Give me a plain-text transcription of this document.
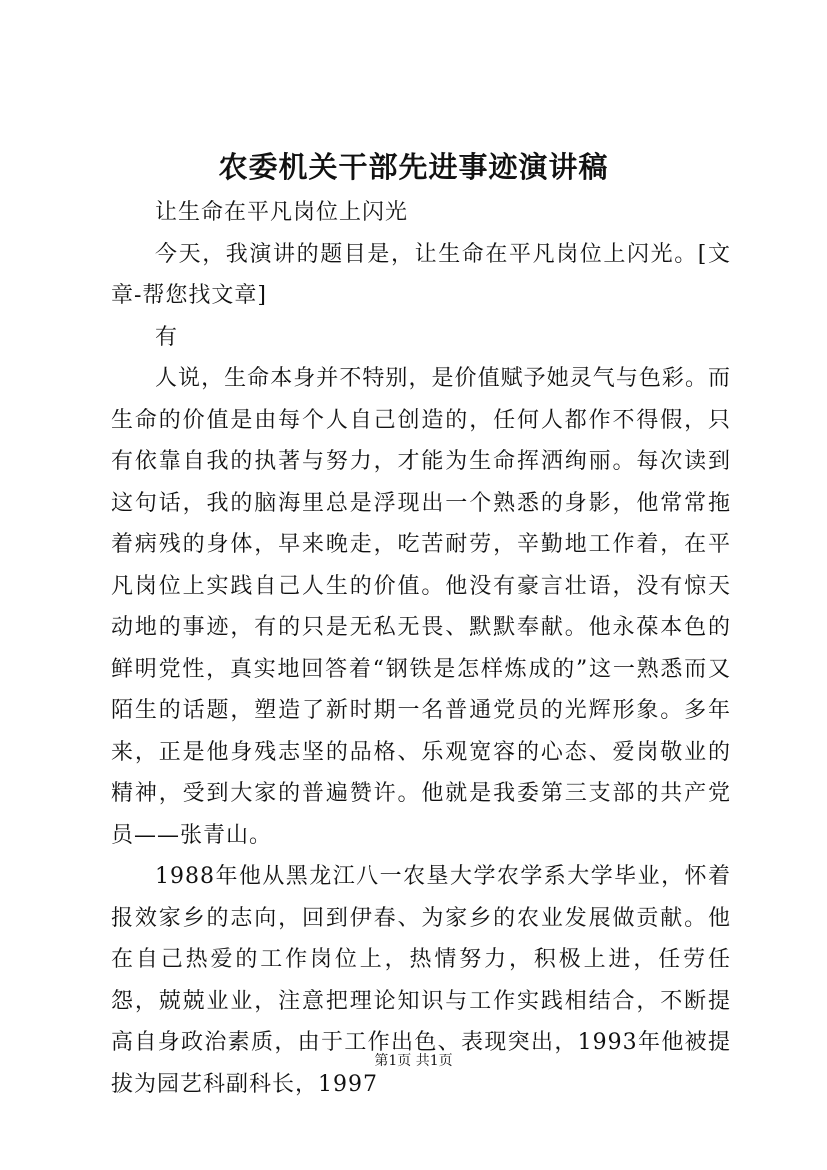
农委机关干部先进事迹演讲稿

让生命在平凡岗位上闪光

今天，我演讲的题目是，让生命在平凡岗位上闪光。[文章-帮您找文章]

有

人说，生命本身并不特别，是价值赋予她灵气与色彩。而生命的价值是由每个人自己创造的，任何人都作不得假，只有依靠自我的执著与努力，才能为生命挥洒绚丽。每次读到这句话，我的脑海里总是浮现出一个熟悉的身影，他常常拖着病残的身体，早来晚走，吃苦耐劳，辛勤地工作着，在平凡岗位上实践自己人生的价值。他没有豪言壮语，没有惊天动地的事迹，有的只是无私无畏、默默奉献。他永葆本色的鲜明党性，真实地回答着“钢铁是怎样炼成的”这一熟悉而又陌生的话题，塑造了新时期一名普通党员的光辉形象。多年来，正是他身残志坚的品格、乐观宽容的心态、爱岗敬业的精神，受到大家的普遍赞许。他就是我委第三支部的共产党员——张青山。

1988年他从黑龙江八一农垦大学农学系大学毕业，怀着报效家乡的志向，回到伊春、为家乡的农业发展做贡献。他在自己热爱的工作岗位上，热情努力，积极上进，任劳任怨，兢兢业业，注意把理论知识与工作实践相结合，不断提高自身政治素质，由于工作出色、表现突出，1993年他被提拔为园艺科副科长，1997

第1页 共1页
